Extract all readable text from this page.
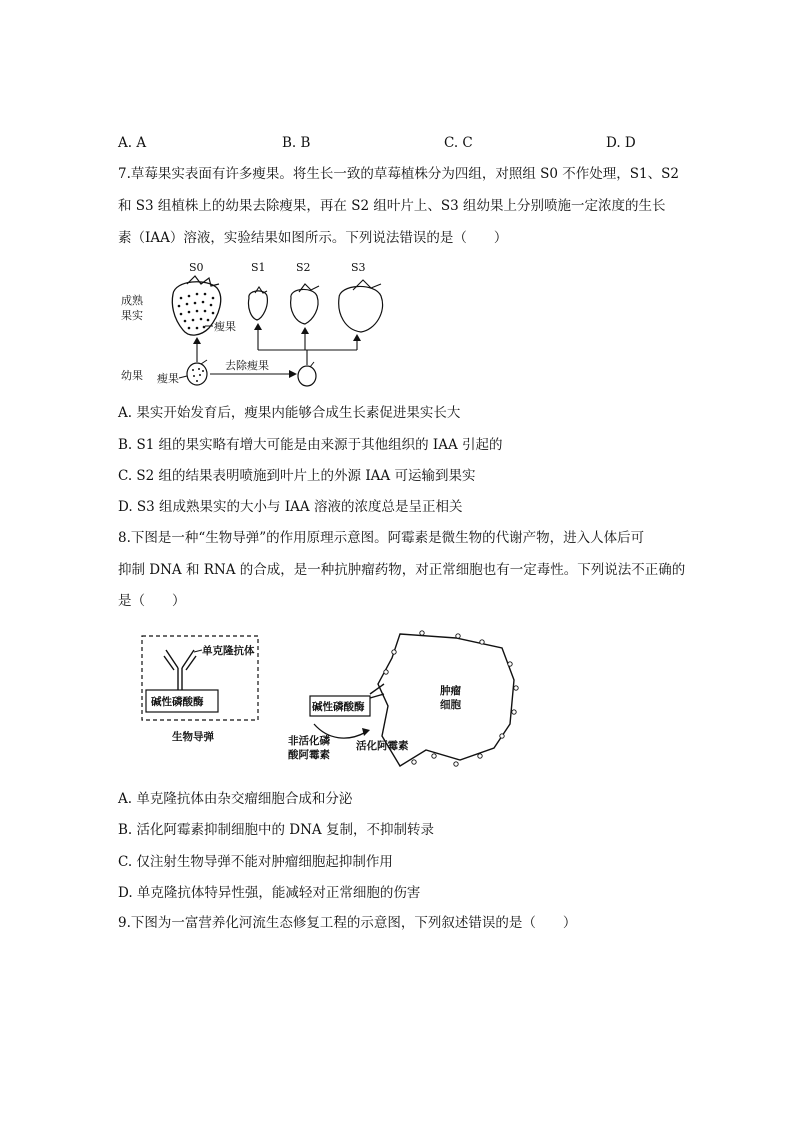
A. A	B. B	C. C	D. D
7.草莓果实表面有许多瘦果。将生长一致的草莓植株分为四组，对照组 S0 不作处理，S1、S2
和 S3 组植株上的幼果去除瘦果，再在 S2 组叶片上、S3 组幼果上分别喷施一定浓度的生长
素（IAA）溶液，实验结果如图所示。下列说法错误的是（　　）
S0	S1	S2	S3
成熟
果实
幼果
瘦果
瘦果
去除瘦果
A. 果实开始发育后，瘦果内能够合成生长素促进果实长大
B. S1 组的果实略有增大可能是由来源于其他组织的 IAA 引起的
C. S2 组的结果表明喷施到叶片上的外源 IAA 可运输到果实
D. S3 组成熟果实的大小与 IAA 溶液的浓度总是呈正相关
8.下图是一种“生物导弹”的作用原理示意图。阿霉素是微生物的代谢产物，进入人体后可
抑制 DNA 和 RNA 的合成，是一种抗肿瘤药物，对正常细胞也有一定毒性。下列说法不正确的
是（　　）
单克隆抗体
碱性磷酸酶
生物导弹
肿瘤
细胞
碱性磷酸酶
非活化磷
酸阿霉素
活化阿霉素
A. 单克隆抗体由杂交瘤细胞合成和分泌
B. 活化阿霉素抑制细胞中的 DNA 复制，不抑制转录
C. 仅注射生物导弹不能对肿瘤细胞起抑制作用
D. 单克隆抗体特异性强，能减轻对正常细胞的伤害
9.下图为一富营养化河流生态修复工程的示意图，下列叙述错误的是（　　）
